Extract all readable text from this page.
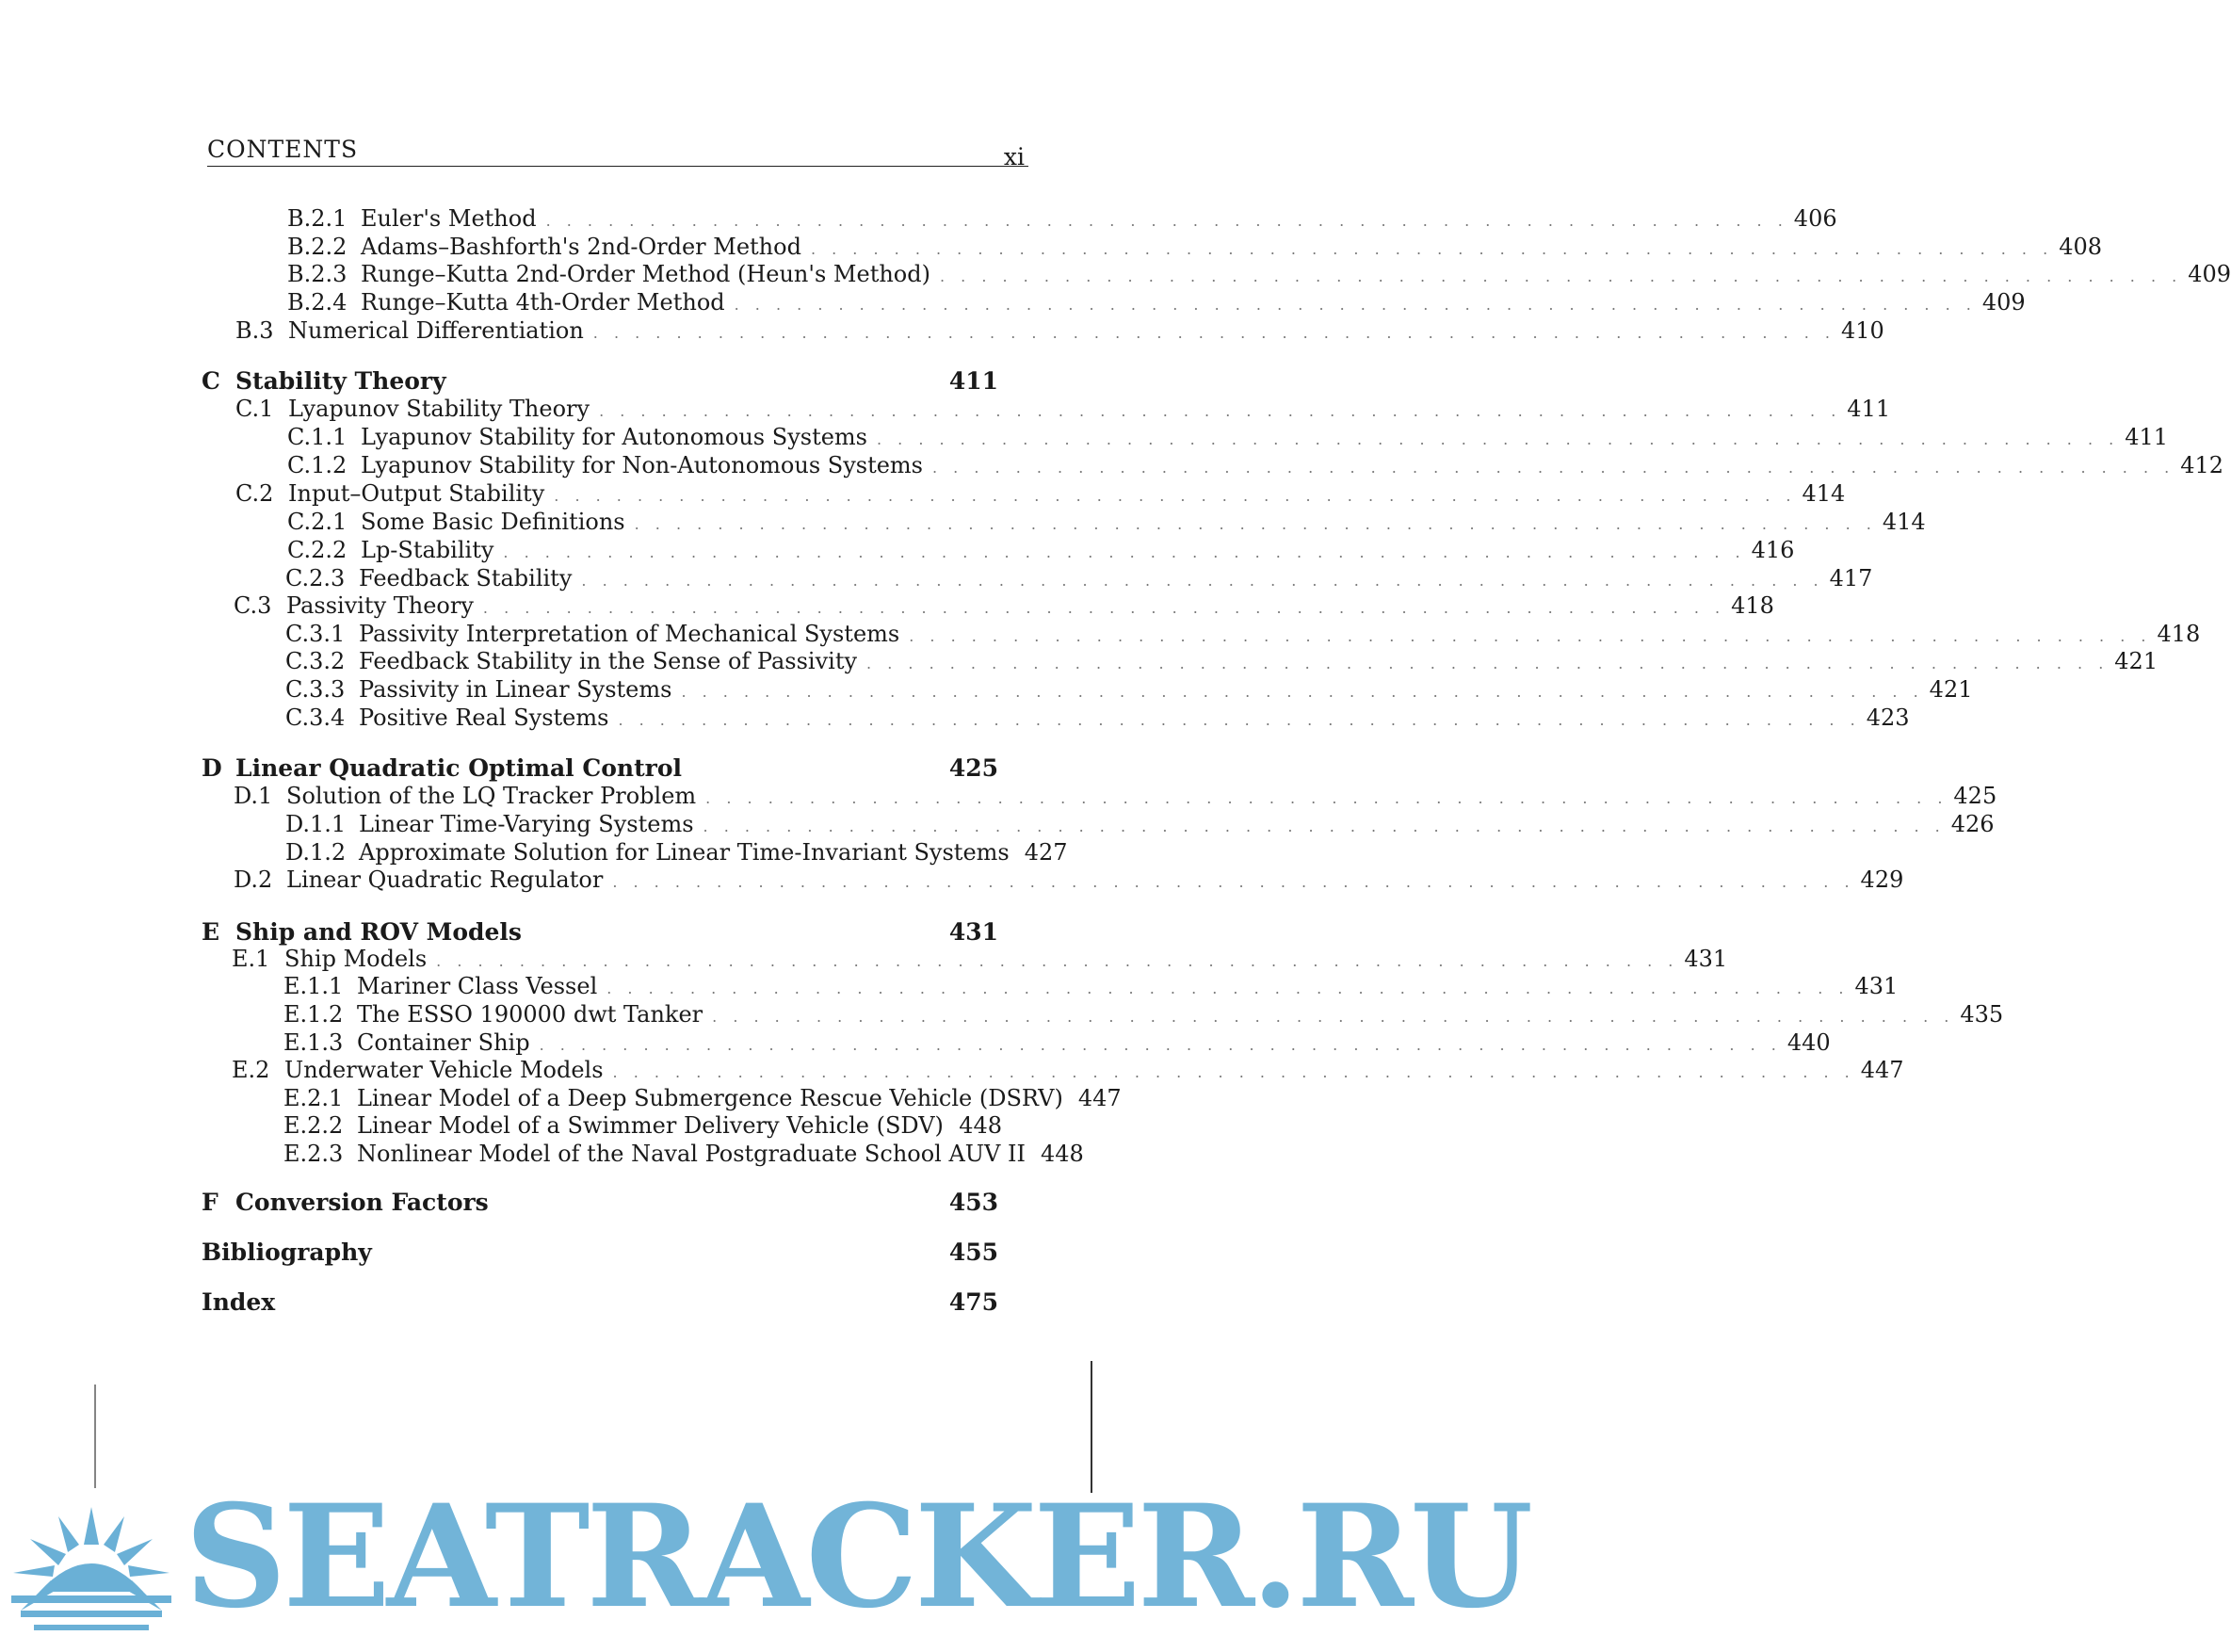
CONTENTS	xi
B.2.1 Euler's Method . . .	406
B.2.2 Adams–Bashforth's 2nd-Order Method . . .	408
B.2.3 Runge–Kutta 2nd-Order Method (Heun's Method) . . .	409
B.2.4 Runge–Kutta 4th-Order Method . . .	409
B.3 Numerical Differentiation . . .	410
C Stability Theory	411
C.1 Lyapunov Stability Theory . . .	411
C.1.1 Lyapunov Stability for Autonomous Systems . . .	411
C.1.2 Lyapunov Stability for Non-Autonomous Systems . . .	412
C.2 Input–Output Stability . . .	414
C.2.1 Some Basic Definitions . . .	414
C.2.2 Lp-Stability . . .	416
C.2.3 Feedback Stability . . .	417
C.3 Passivity Theory . . .	418
C.3.1 Passivity Interpretation of Mechanical Systems . . .	418
C.3.2 Feedback Stability in the Sense of Passivity . . .	421
C.3.3 Passivity in Linear Systems . . .	421
C.3.4 Positive Real Systems . . .	423
D Linear Quadratic Optimal Control	425
D.1 Solution of the LQ Tracker Problem . . .	425
D.1.1 Linear Time-Varying Systems . . .	426
D.1.2 Approximate Solution for Linear Time-Invariant Systems 427
D.2 Linear Quadratic Regulator . . .	429
E Ship and ROV Models	431
E.1 Ship Models . . .	431
E.1.1 Mariner Class Vessel . . .	431
E.1.2 The ESSO 190000 dwt Tanker . . .	435
E.1.3 Container Ship . . .	440
E.2 Underwater Vehicle Models . . .	447
E.2.1 Linear Model of a Deep Submergence Rescue Vehicle (DSRV) 447
E.2.2 Linear Model of a Swimmer Delivery Vehicle (SDV) . . . 448
E.2.3 Nonlinear Model of the Naval Postgraduate School AUV II 448
F Conversion Factors	453
Bibliography	455
Index	475
SEATRACKER.RU
